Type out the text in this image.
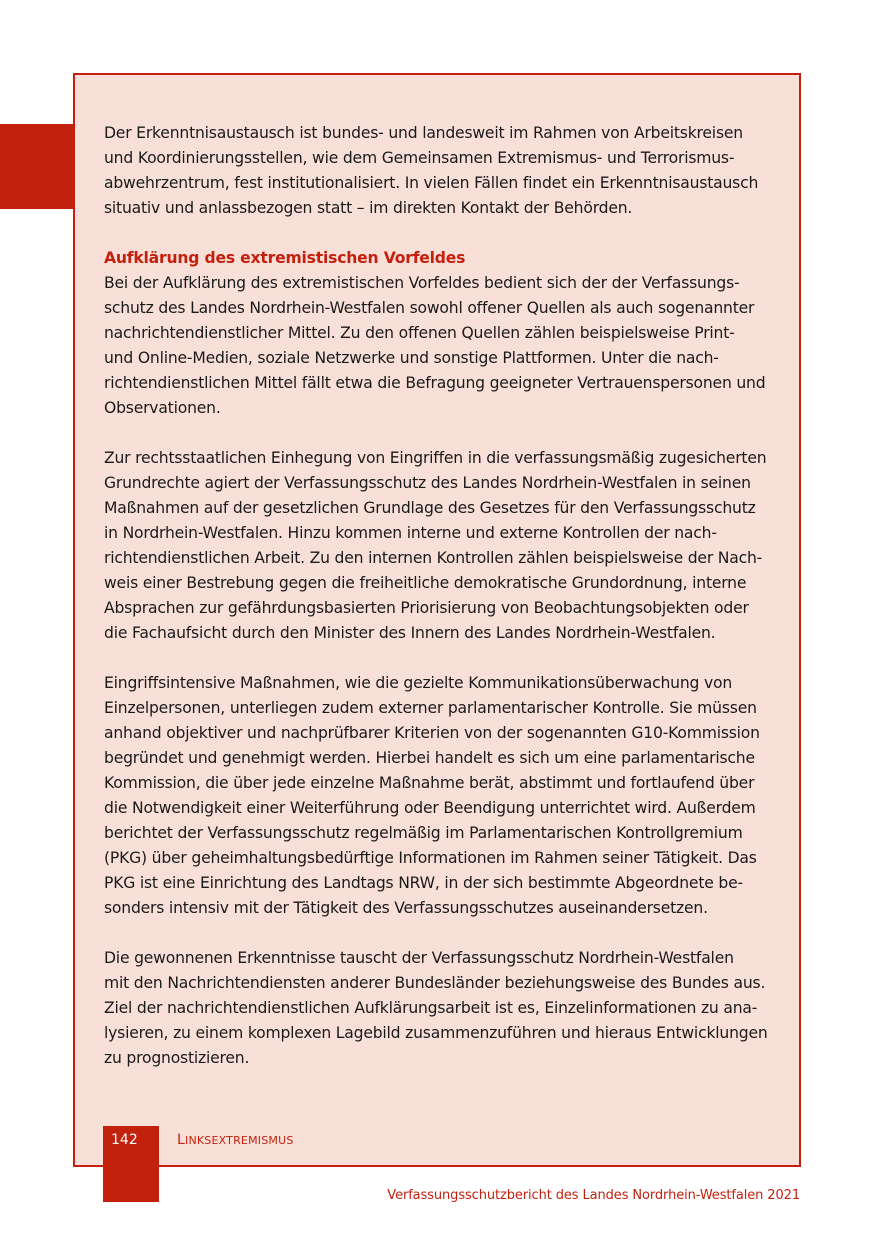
Der Erkenntnisaustausch ist bundes- und landesweit im Rahmen von Arbeitskreisen
und Koordinierungsstellen, wie dem Gemeinsamen Extremismus- und Terrorismus-
abwehrzentrum, fest institutionalisiert. In vielen Fällen findet ein Erkenntnisaustausch
situativ und anlassbezogen statt – im direkten Kontakt der Behörden.
Aufklärung des extremistischen Vorfeldes
Bei der Aufklärung des extremistischen Vorfeldes bedient sich der der Verfassungs-
schutz des Landes Nordrhein-Westfalen sowohl offener Quellen als auch sogenannter
nachrichtendienstlicher Mittel. Zu den offenen Quellen zählen beispielsweise Print-
und Online-Medien, soziale Netzwerke und sonstige Plattformen. Unter die nach-
richtendienstlichen Mittel fällt etwa die Befragung geeigneter Vertrauenspersonen und
Observationen.
Zur rechtsstaatlichen Einhegung von Eingriffen in die verfassungsmäßig zugesicherten
Grundrechte agiert der Verfassungsschutz des Landes Nordrhein-Westfalen in seinen
Maßnahmen auf der gesetzlichen Grundlage des Gesetzes für den Verfassungsschutz
in Nordrhein-Westfalen. Hinzu kommen interne und externe Kontrollen der nach-
richtendienstlichen Arbeit. Zu den internen Kontrollen zählen beispielsweise der Nach-
weis einer Bestrebung gegen die freiheitliche demokratische Grundordnung, interne
Absprachen zur gefährdungsbasierten Priorisierung von Beobachtungsobjekten oder
die Fachaufsicht durch den Minister des Innern des Landes Nordrhein-Westfalen.
Eingriffsintensive Maßnahmen, wie die gezielte Kommunikationsüberwachung von
Einzelpersonen, unterliegen zudem externer parlamentarischer Kontrolle. Sie müssen
anhand objektiver und nachprüfbarer Kriterien von der sogenannten G10-Kommission
begründet und genehmigt werden. Hierbei handelt es sich um eine parlamentarische
Kommission, die über jede einzelne Maßnahme berät, abstimmt und fortlaufend über
die Notwendigkeit einer Weiterführung oder Beendigung unterrichtet wird. Außerdem
berichtet der Verfassungsschutz regelmäßig im Parlamentarischen Kontrollgremium
(PKG) über geheimhaltungsbedürftige Informationen im Rahmen seiner Tätigkeit. Das
PKG ist eine Einrichtung des Landtags NRW, in der sich bestimmte Abgeordnete be-
sonders intensiv mit der Tätigkeit des Verfassungsschutzes auseinandersetzen.
Die gewonnenen Erkenntnisse tauscht der Verfassungsschutz Nordrhein-Westfalen
mit den Nachrichtendiensten anderer Bundesländer beziehungsweise des Bundes aus.
Ziel der nachrichtendienstlichen Aufklärungsarbeit ist es, Einzelinformationen zu ana-
lysieren, zu einem komplexen Lagebild zusammenzuführen und hieraus Entwicklungen
zu prognostizieren.
142	LINKSEXTREMISMUS
Verfassungsschutzbericht des Landes Nordrhein-Westfalen 2021
